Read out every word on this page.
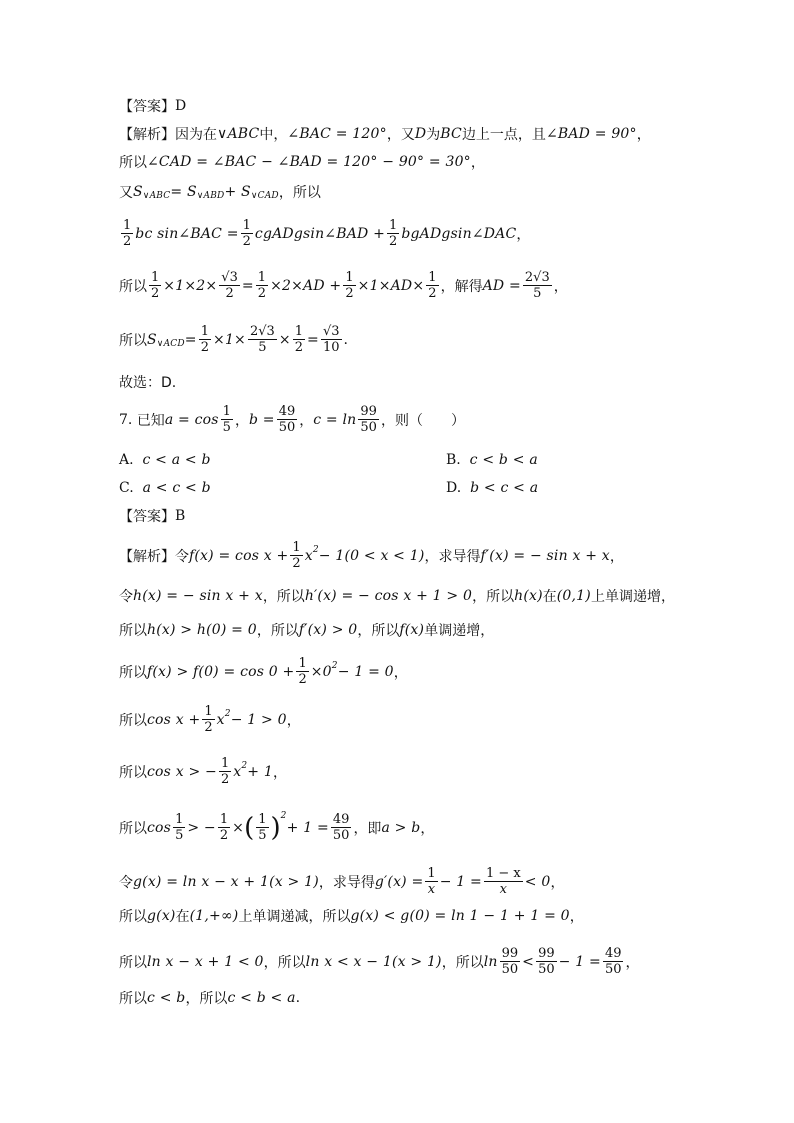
【答案】 D
【解析】 因为在 ∨ABC 中， ∠BAC = 120° ，又 D 为 BC 边上一点，且 ∠BAD = 90° ，
所以 ∠CAD = ∠BAC − ∠BAD = 120° − 90° = 30° ，
又 S ∨ABC = S ∨ABD + S ∨CAD ，所以
$\frac{1}{2}$ bc sin∠BAC = $\frac{1}{2}$ cgADgsin∠BAD + $\frac{1}{2}$ bgADgsin∠DAC ，
所以 $\frac{1}{2} \times 1\times 2\times \frac{√3}{2} = \frac{1}{2} \times 2\times AD + \frac{1}{2} \times 1\times AD\times \frac{1}{2}$ ，解得 AD = $\frac{2√3}{5}$ ，
所以 S ∨ACD = $\frac{1}{2} \times 1\times \frac{2√3}{5} \times \frac{1}{2} = \frac{√3}{10}$ .
故选：D.
7.
已知 $a = \cos \frac{1}{5}$ ， $b = \frac{49}{50}$ ， $c = \ln \frac{99}{50}$ ，则（　　）
A. c < a < b	B. c < b < a
C. a < c < b	D. b < c < a
【答案】 B
【解析】 令 $f(x) = \cos x + \frac{1}{2}$ x 2 − 1(0 < x < 1) ，求导得 f′(x) = − sin x + x ，
令 h(x) = − sin x + x ，所以 h′(x) = − cos x + 1 > 0 ，所以 h(x) 在 (0,1) 上单调递增，
所以 h(x) > h(0) = 0 ，所以 f′(x) > 0 ，所以 f(x) 单调递增，
所以 $f(x) > f(0) = \cos 0 + \frac{1}{2} \times 0$ 2 − 1 = 0 ，
所以 $\cos x + \frac{1}{2}$ x 2 − 1 > 0 ，
所以 cos x > − $\frac{1}{2}$ x 2 + 1 ，
所以 $\cos \frac{1}{5}$ > − $\frac{1}{2}$ × ( $\frac{1}{5}$ ) 2
+ $1 = \frac{49}{50}$ ，即 a > b ，
令 g(x) = ln x − x + 1(x > 1) ，求导得 $g'(x) = \frac{1}{x} - 1 = \frac{1 - x}{x} < 0$ ，
所以 g(x) 在 (1,+∞) 上单调递减，所以 g(x) < g(0) = ln 1 − 1 + 1 = 0 ，
所以 ln x − x + 1 < 0 ，所以 ln x < x − 1(x > 1) ，所以 $\ln \frac{99}{50} < \frac{99}{50} - 1 = \frac{49}{50}$ ，
所以 c < b ，所以 c < b < a .
